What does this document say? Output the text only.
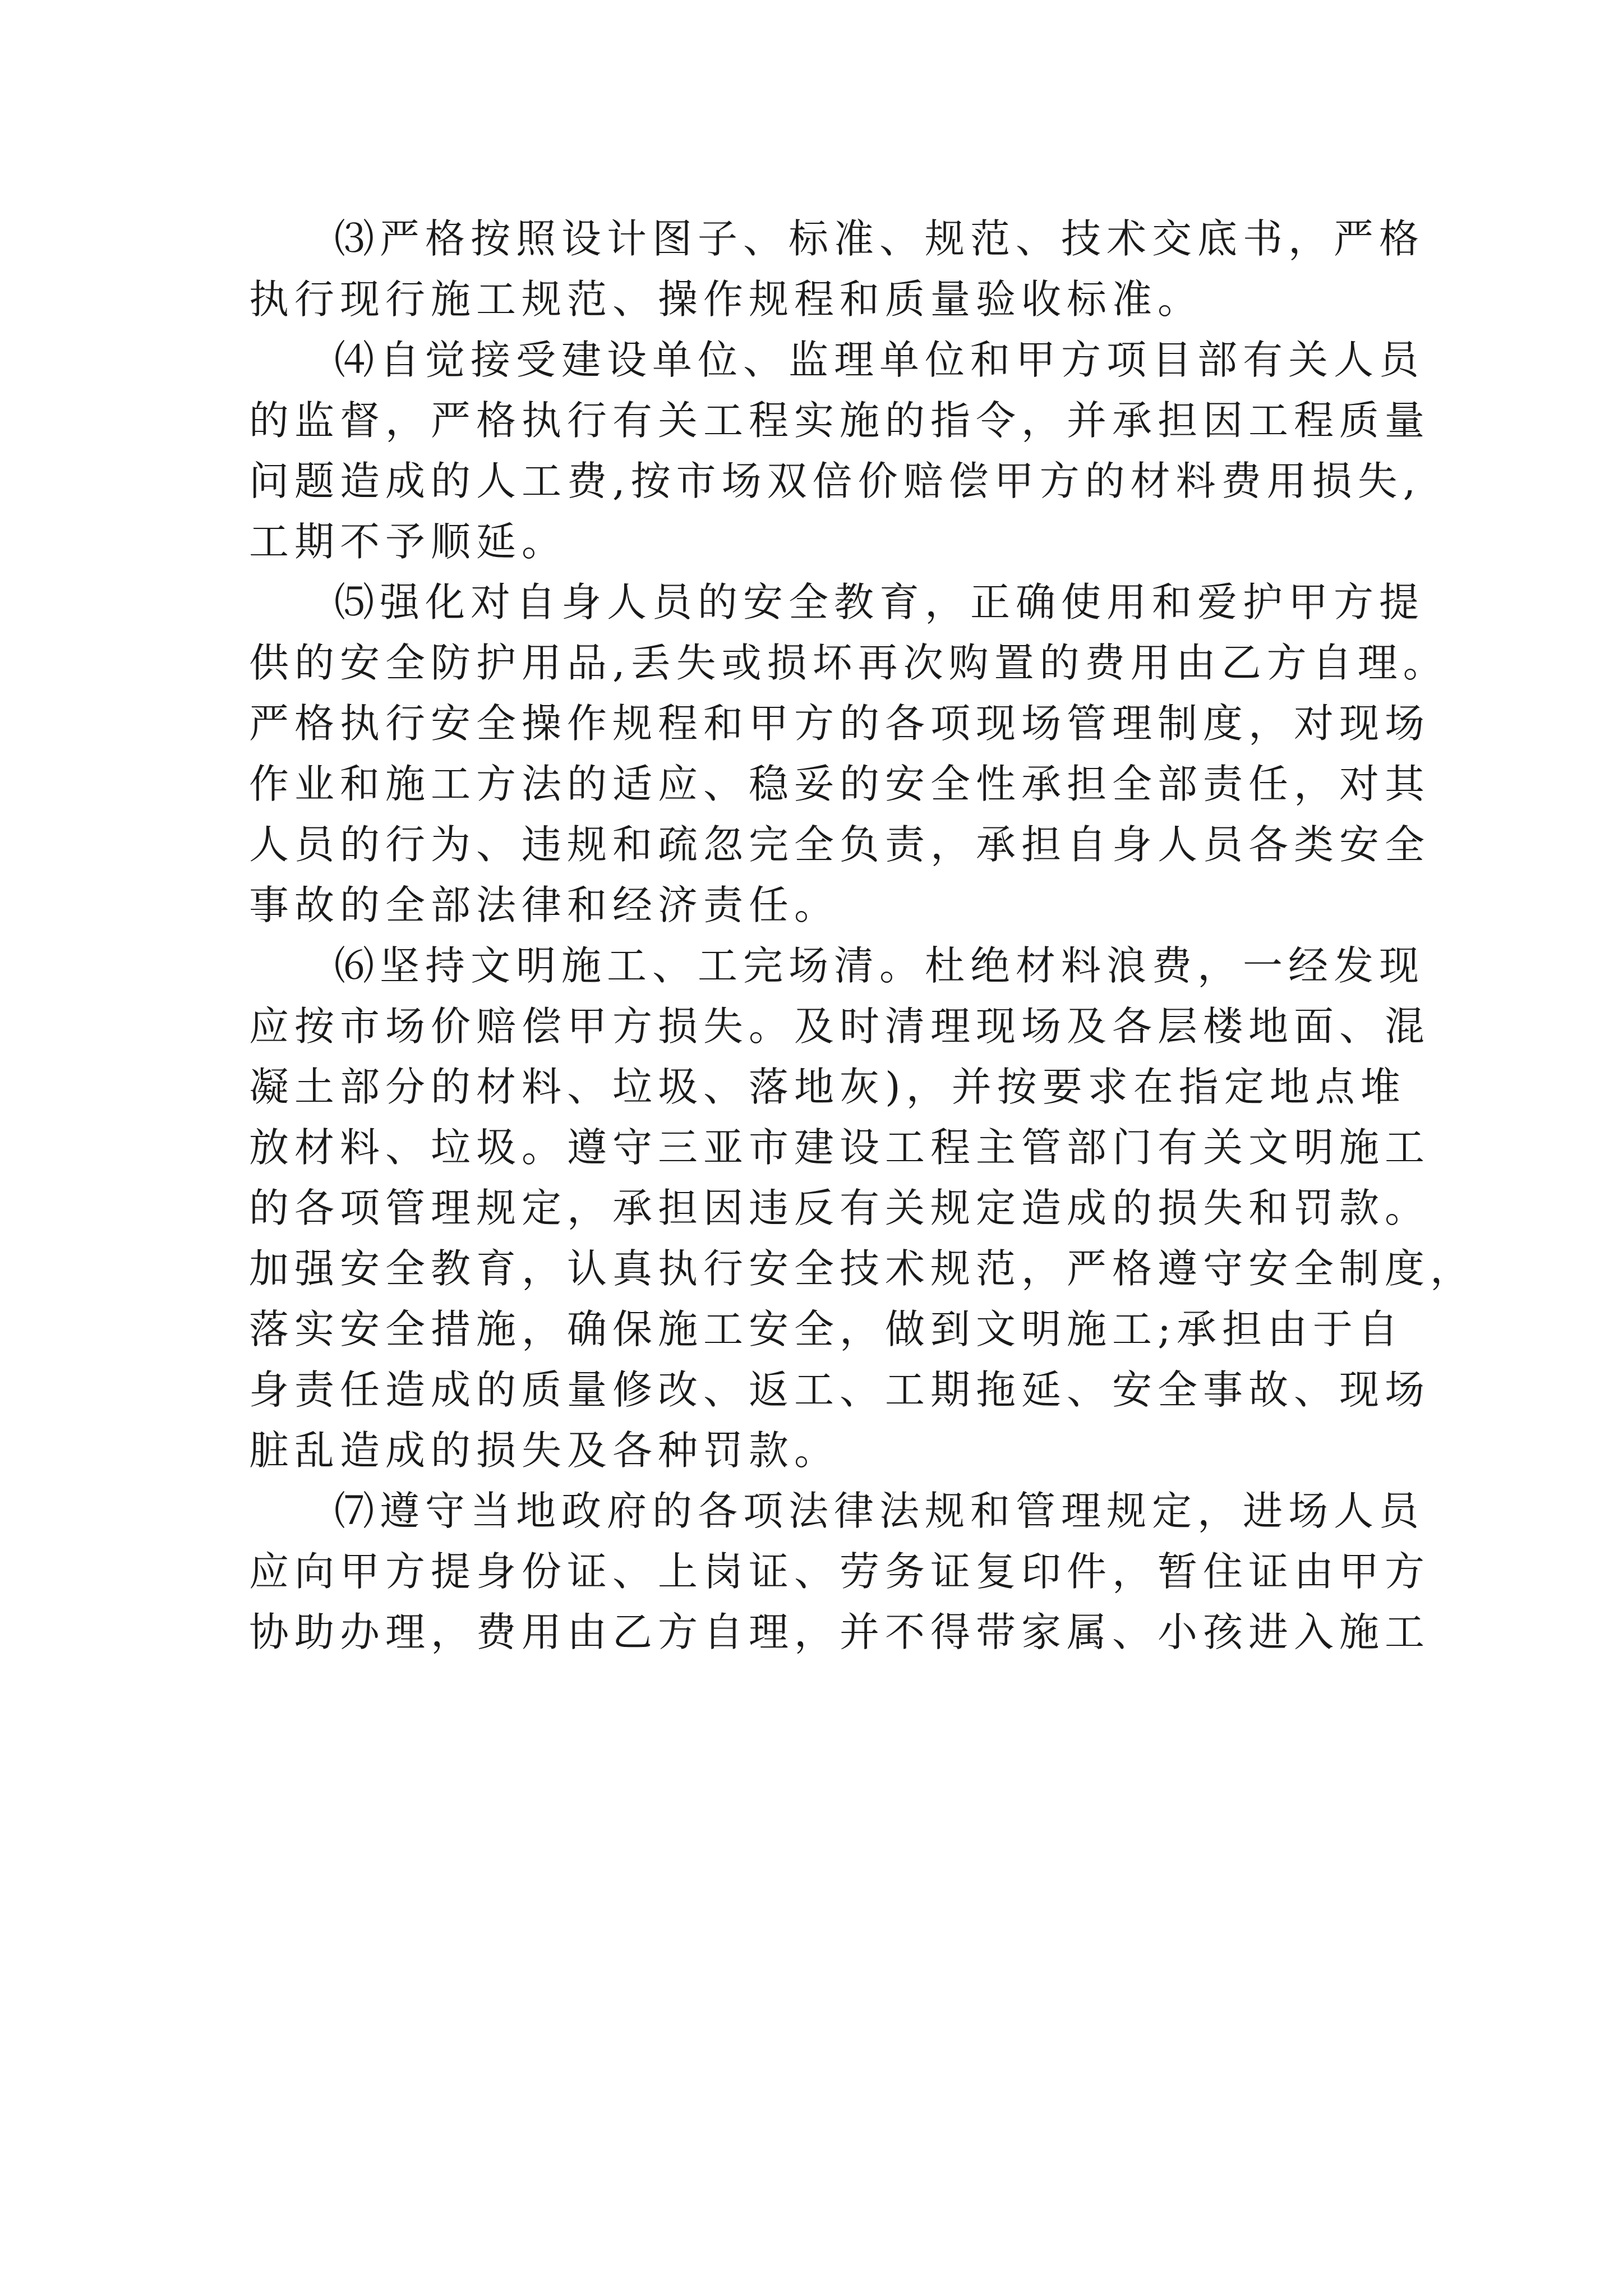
⑶严格按照设计图子、标准、规范、技术交底书，严格
执行现行施工规范、操作规程和质量验收标准。
⑷自觉接受建设单位、监理单位和甲方项目部有关人员
的监督，严格执行有关工程实施的指令，并承担因工程质量
问题造成的人工费,按市场双倍价赔偿甲方的材料费用损失,
工期不予顺延。
⑸强化对自身人员的安全教育，正确使用和爱护甲方提
供的安全防护用品,丢失或损坏再次购置的费用由乙方自理。
严格执行安全操作规程和甲方的各项现场管理制度，对现场
作业和施工方法的适应、稳妥的安全性承担全部责任，对其
人员的行为、违规和疏忽完全负责，承担自身人员各类安全
事故的全部法律和经济责任。
⑹坚持文明施工、工完场清。杜绝材料浪费，一经发现
应按市场价赔偿甲方损失。及时清理现场及各层楼地面、混
凝土部分的材料、垃圾、落地灰)，并按要求在指定地点堆
放材料、垃圾。遵守三亚市建设工程主管部门有关文明施工
的各项管理规定，承担因违反有关规定造成的损失和罚款。
加强安全教育，认真执行安全技术规范，严格遵守安全制度，
落实安全措施，确保施工安全，做到文明施工;承担由于自
身责任造成的质量修改、返工、工期拖延、安全事故、现场
脏乱造成的损失及各种罚款。
⑺遵守当地政府的各项法律法规和管理规定，进场人员
应向甲方提身份证、上岗证、劳务证复印件，暂住证由甲方
协助办理，费用由乙方自理，并不得带家属、小孩进入施工
